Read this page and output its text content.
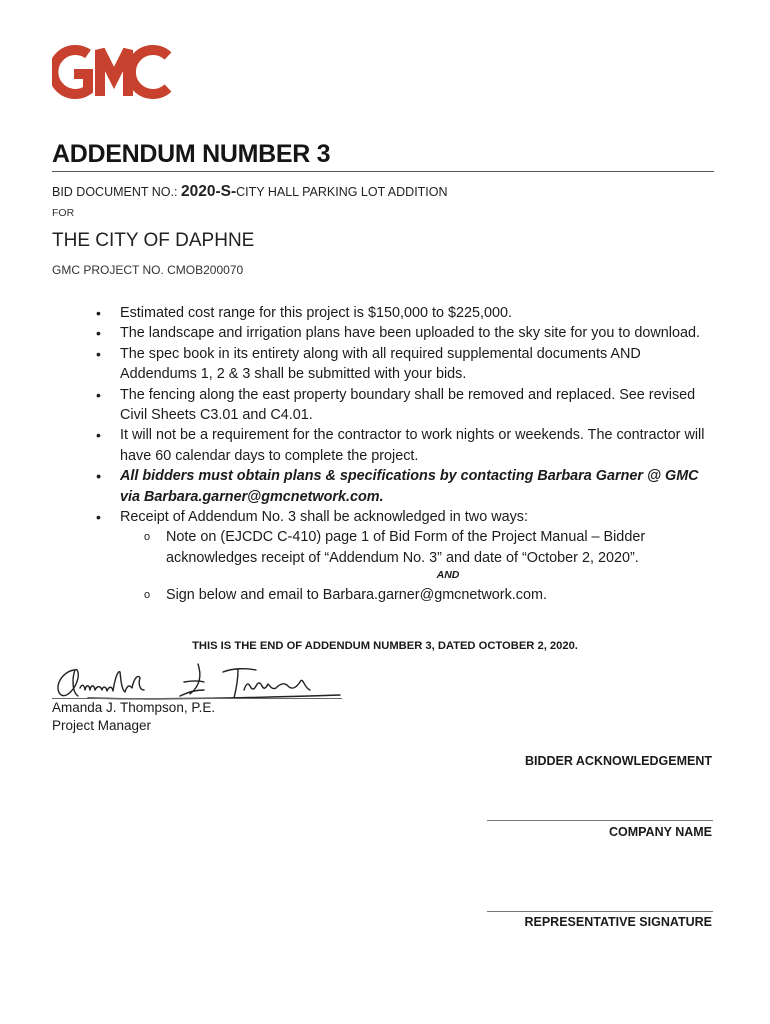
ADDENDUM NUMBER 3
BID DOCUMENT NO.: 2020-S-CITY HALL PARKING LOT ADDITION
FOR
THE CITY OF DAPHNE
GMC PROJECT NO. CMOB200070
• Estimated cost range for this project is $150,000 to $225,000.
• The landscape and irrigation plans have been uploaded to the sky site for you to download.
• The spec book in its entirety along with all required supplemental documents AND Addendums 1, 2 & 3 shall be submitted with your bids.
• The fencing along the east property boundary shall be removed and replaced. See revised Civil Sheets C3.01 and C4.01.
• It will not be a requirement for the contractor to work nights or weekends. The contractor will have 60 calendar days to complete the project.
• All bidders must obtain plans & specifications by contacting Barbara Garner @ GMC via Barbara.garner@gmcnetwork.com.
• Receipt of Addendum No. 3 shall be acknowledged in two ways:
o Note on (EJCDC C-410) page 1 of Bid Form of the Project Manual – Bidder acknowledges receipt of “Addendum No. 3” and date of “October 2, 2020”.
AND
o Sign below and email to Barbara.garner@gmcnetwork.com.
THIS IS THE END OF ADDENDUM NUMBER 3, DATED OCTOBER 2, 2020.
Amanda J. Thompson, P.E.
Project Manager
BIDDER ACKNOWLEDGEMENT
COMPANY NAME
REPRESENTATIVE SIGNATURE
